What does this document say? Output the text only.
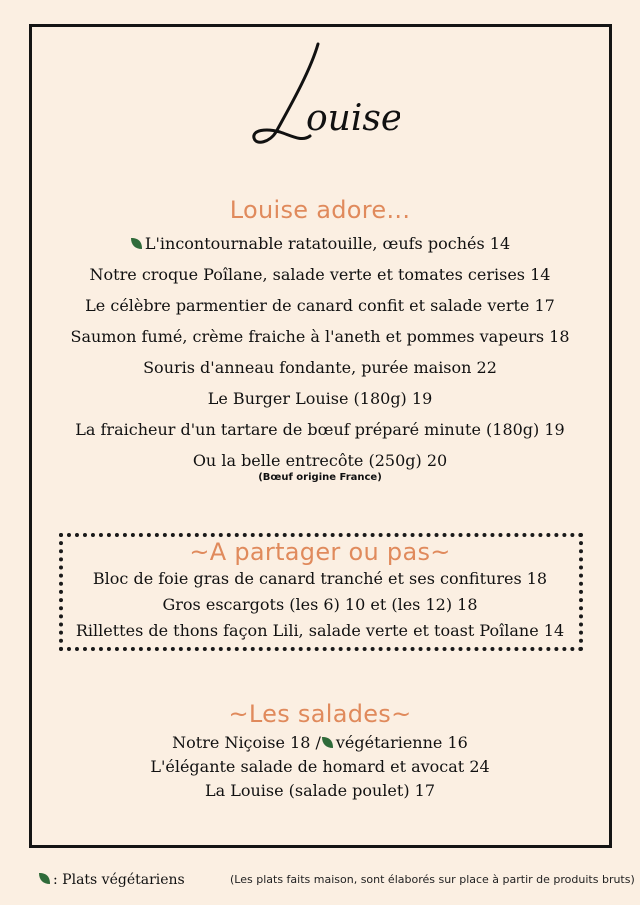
ouise
Louise adore...
L'incontournable ratatouille, œufs pochés 14
Notre croque Poîlane, salade verte et tomates cerises 14
Le célèbre parmentier de canard confit et salade verte 17
Saumon fumé, crème fraiche à l'aneth et pommes vapeurs 18
Souris d'anneau fondante, purée maison 22
Le Burger Louise (180g) 19
La fraicheur d'un tartare de bœuf préparé minute (180g) 19
Ou la belle entrecôte (250g) 20
(Bœuf origine France)
~A partager ou pas~
Bloc de foie gras de canard tranché et ses confitures 18
Gros escargots (les 6) 10 et (les 12) 18
Rillettes de thons façon Lili, salade verte et toast Poîlane 14
~Les salades~
Notre Niçoise 18 / végétarienne 16
L'élégante salade de homard et avocat 24
La Louise (salade poulet) 17
: Plats végétariens	(Les plats faits maison, sont élaborés sur place à partir de produits bruts)
